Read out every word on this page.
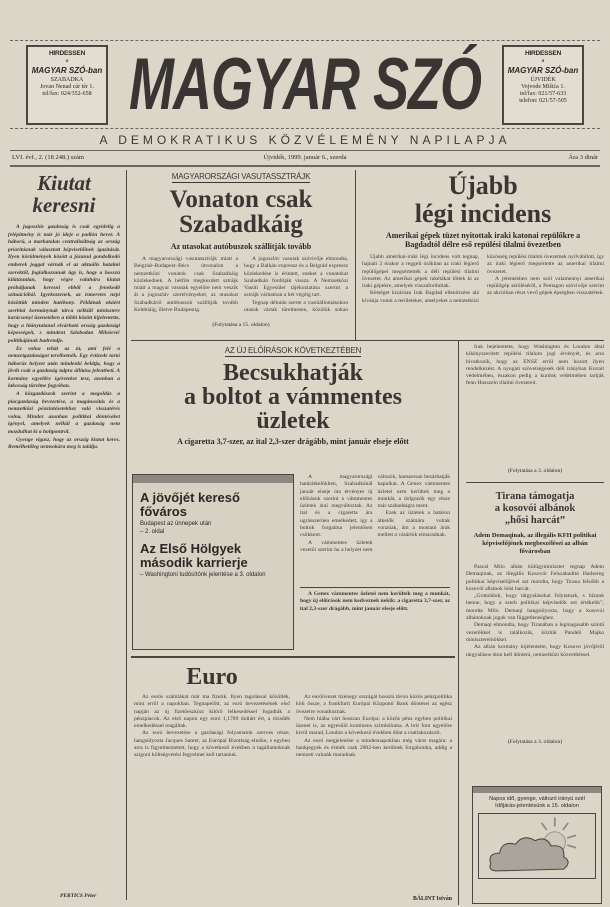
HIRDESSEN
a
MAGYAR SZÓ-ban
SZABADKA
Jovan Nenad cár tér 1.
tel/fax: 024/352-658 MAGYAR SZÓ	HIRDESSEN
a
MAGYAR SZÓ-ban
ÚJVIDÉK
Vojvode Mišića 1.
tel/fax: 021/57-633
telefon: 021/57-505
A DEMOKRATIKUS KÖZVÉLEMÉNY NAPILAPJA
LVI. évf., 2. (18 248.) szám	Újvidék, 1999. január 6., szerda	Ára 3 dinár
Kiutat
keresni

A jugoszláv gazdaság is csak egyideilg a felépítmény is már jó ideje a padlón hever. A háború, a markatalan centralizáltság az ország prioritásnak választott képviselőinek igazítását. Ilyen körülmények között a józanul gondolkodó emberek joggal várnák el az aktuális hatalmi szerektől, foglalkozzanak ügy is, hogy a hosszú kilátástalan, hogy végre valahára kiutat próbáljanak keresni ebből a fenekedő szituációból. Igyekezzenek, az ismeretes népi közöttük minden hatékony. Példának okáért szerbiai kormánynak tárca nélküli minisztere karácsonyi üzenetében a többi között kijelentette, hogy a hiánytalanul elvárható ország gazdasági képességeit, s mindent Szlobodan Milošević politikájának hadrendje.

Ez volna tehát az út, ami felé a nemzetgazdaságot terelhetnék. Egy évtizede tartó háborús helyzet után mindenki belátja, hogy a jövőt csak a gazdaság talpra állítása jelentheti. A kormány egyelőre ígéreteket tesz, azonban a lakosság türelme fogyóban.

A közgazdászok szerint a megoldás a piacgazdaság bevezetése, a magánosítás és a nemzetközi pénzintézetekhez való visszatérés volna. Mindez azonban politikai döntéseket igényel, amelyek nélkül a gazdaság nem mozdulhat ki a holtpontról.

Gyenge vigasz, hogy az ország kiutat keres. Remélhetőleg nemsokára meg is találja.

PERTICS Péter
MAGYARORSZÁGI VASUTASSZTRÁJK
Vonaton csak
Szabadkáig
Az utasokat autóbuszok szállítják tovább

A magyarországi vasutassztrájk miatt a Belgrád–Budapest–Bécs útvonalon a nemzetközi vonatok csak Szabadkáig közlekednek. A hétfőn megkezdett sztrájk miatt a magyar vasutak egyelőre nem veszik át a jugoszláv szerelvényeket, az utasokat Szabadkáról autóbuszok szállítják tovább Kelebiáig, illetve Budapestig.

A jugoszláv vasutak szóvivője elmondta, hogy a Balkán expressz és a Belgrád expressz közlekedése is érintett, ezeket a vonatokat Szabadkán fordítják vissza. A Nemzetközi Vasúti Egyesület tájékoztatása szerint a sztrájk várhatóan a hét végéig tart.

Tegnap délután szerte a vasútállomásokon utasok vártak türelmesen, közülük sokan

(Folytatása a 15. oldalon)
Újabb
légi incidens
Amerikai gépek tüzet nyitottak iraki katonai repülőkre a Bagdadtól délre eső repülési tilalmi övezetben

Újabb amerikai-iraki légi incidens volt tegnap, hajnali 3 órakor a reggeli órákban az iraki légierő repülőgépei megsértették a déli repülési tilalmi övezetet. Az amerikai gépek rakétákat lőttek ki az iraki gépekre, amelyek visszafordultak.

Kétséget kizáróan Irak Bagdad ellenőrzése alá kívánja vonni a területeket, amelyeket a nemzetközi közösség repülési tilalmi övezetnek nyilvánított, így az iraki légierő megsértette az amerikai tilalmi övezetet.

A jelentésben nem szól valamennyi amerikai repülőgép sérüléséről, a Pentagon szóvivője szerint az akcióban részt vevő gépek épségben visszatértek.

Irak bejelentette, hogy Washington és London által kikényszerített repülési tilalom jogi érvényét, és arra hivatkozik, hogy az ENSZ erről nem hozott ilyen rendelkezést. A nyugati szövetségesek déli irányban Kuvait védelmében, északon pedig a kurdok védelmében tartják fenn Husszein tilalmi övezeteit.

(Folytatása a 3. oldalon)
AZ ÚJ ELŐÍRÁSOK KÖVETKEZTÉBEN
Becsukhatják
a boltot a vámmentes
üzletek
A cigaretta 3,7-szer, az ital 2,3-szer drágább, mint január elseje előtt

A magyarországi határátkelőkben, Szabadkánál január elseje óta érvényes új előírások szerint a vámmentes üzletek árai megváltoztak. Az ital és a cigaretta ára ugrásszerűen emelkedett, így a boltok forgalma jelentősen csökkent.

A vámmentes üzletek vezetői szerint ha a helyzet nem változik, hamarosan bezárhatják kapuikat. A Genex vámmentes üzletei nem kerültek meg a munkát, a dolgozók egy része már szabadságra ment.

Ezek az üzletek a határon átkelők számára voltak vonzóak, ám a mostani árak mellett a vásárlók elmaradnak.

A Genex vámmentes üzletei nem kerülték meg a munkát, hogy új előírások nem kedveznek nekik: a cigaretta 3,7-szer, az ital 2,3-szer drágább, mint január elseje előtt.

A jövőjét kereső főváros
Budapest az ünnepek után
– 2. oldal
Az Első Hölgyek második karrierje
– Washingtoni tudósítónk jelentése a 3. oldalon
Euro

Az eurós számlákat már ma fizetik. Ilyen tagolással közölték, mint erről a napokban. Tegnapelőtt, az euró bevezetésének első napján az új fizetőeszközt kitörő lelkesedéssel fogadták a pénzpiacok. Az első napon egy euró 1,1789 dollárt ért, a tőzsdék emelkedéssel reagáltak.

Az euró bevezetése a gazdasági folyamatok szerves része, hangsúlyozta Jacques Santer, az Európai Bizottság elnöke, s egyben arra is figyelmeztetett, hogy a következő években a tagállamoknak szigorú költségvetési fegyelmet kell tartaniuk.

Az euróövezet tizenegy országát hosszú távon közös pénzpolitika köti össze, a frankfurti Európai Központi Bank döntései az egész övezetre vonatkoznak.

Nem hiába várt hosszan Európa: a közös pénz egyben politikai üzenet is, az egyesülő kontinens szimbóluma. A brit font egyelőre kívül marad, London a következő években dönt a csatlakozásról.

Az euró megjelenése a mindennapokban még várat magára: a bankjegyek és érmék csak 2002-ben kerülnek forgalomba, addig a nemzeti valuták maradnak.

BÁLINT István
Tirana támogatja
a kosovói albánok
„hősi harcát”
Adem Demaqinak, az illegális KFH politikai képviselőjének megbeszélései az albán fővárosban

Pascal Milo albán külügyminiszter tegnap Adem Demaqinak, az illegális Kosovói Felszabadító Hadsereg politikai képviselőjével azt mondta, hogy Tirana felsőbb a kosovói albánok hősi harcát.

„Gratulálok, hogy tárgyalásokat folytatnak, s bízunk benne, hogy a szerb politikai képviselők ezt értékelik”, mondta Milo. Demaqi hangsúlyozta, hogy a kosovói albánoknak joguk van függetlenséghez.

Demaqi elmondta, hogy Tiranában a legmagasabb szintű vezetőkkel is találkozik, köztük Pandeli Majko miniszterelnökkel.

Az albán kormány kijelentette, hogy Kosovo jövőjéről tárgyalásos úton kell dönteni, nemzetközi közvetítéssel.

(Folytatása a 3. oldalon)
Napos idő, gyenge, változó irányú szél
Időjárás-jelentésünk a 15. oldalon
